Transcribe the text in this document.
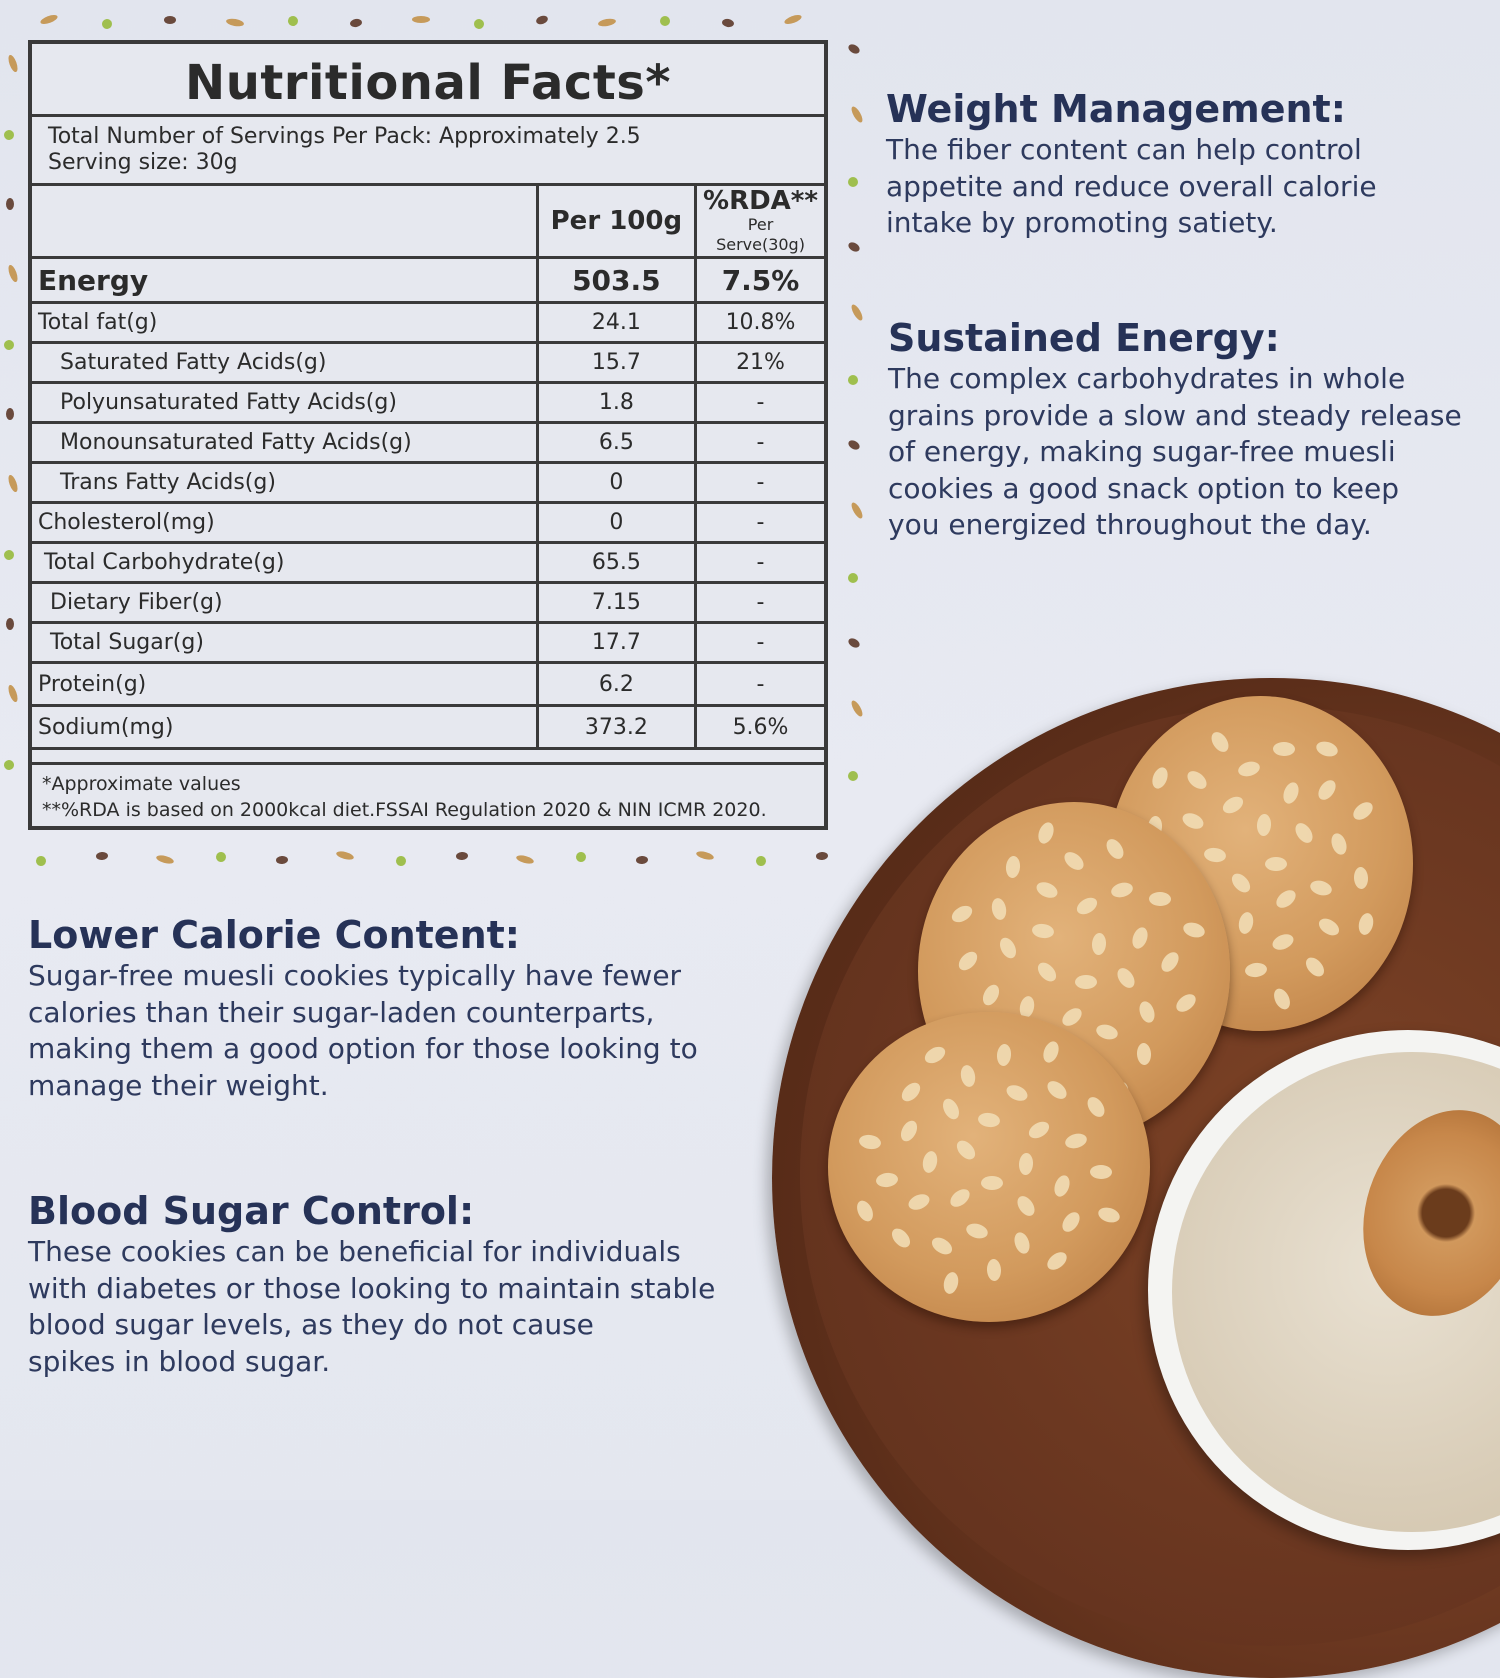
Nutritional Facts*
Total Number of Servings Per Pack: Approximately 2.5
Serving size: 30g
	Per 100g	%RDA**
Per Serve(30g)

Energy	503.5	7.5%
Total fat(g)	24.1	10.8%
Saturated Fatty Acids(g)	15.7	21%
Polyunsaturated Fatty Acids(g)	1.8	-
Monounsaturated Fatty Acids(g)	6.5	-
Trans Fatty Acids(g)	0	-
Cholesterol(mg)	0	-
Total Carbohydrate(g)	65.5	-
Dietary Fiber(g)	7.15	-
Total Sugar(g)	17.7	-
Protein(g)	6.2	-
Sodium(mg)	373.2	5.6%
*Approximate values
**%RDA is based on 2000kcal diet.FSSAI Regulation 2020 & NIN ICMR 2020.
Weight Management:

The fiber content can help control
appetite and reduce overall calorie
intake by promoting satiety.

Sustained Energy:

The complex carbohydrates in whole
grains provide a slow and steady release
of energy, making sugar-free muesli
cookies a good snack option to keep
you energized throughout the day.

Lower Calorie Content:

Sugar-free muesli cookies typically have fewer
calories than their sugar-laden counterparts,
making them a good option for those looking to
manage their weight.

Blood Sugar Control:

These cookies can be beneficial for individuals
with diabetes or those looking to maintain stable
blood sugar levels, as they do not cause
spikes in blood sugar.
